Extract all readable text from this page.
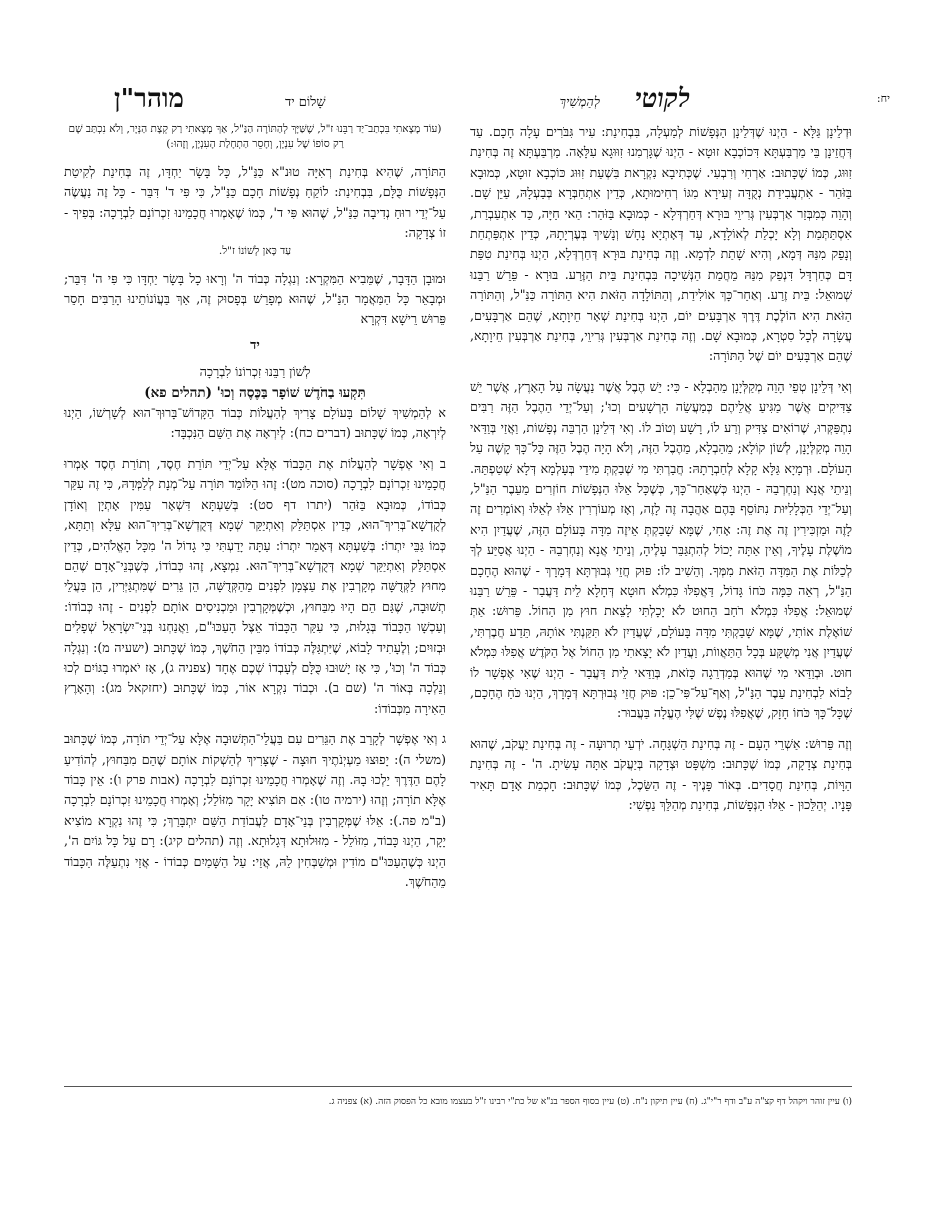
יח:
לקוטי
לְהַמְשִׁיךְ
שָׁלוֹם יד
מוהר"ן

וּדְלֵינָן גַּלָּא - הַיְנוּ שֶׁדְּלֵינָן הַנְּפָשׁוֹת לְמַעְלָה, בִּבְחִינַת: עִיר גִּבֹּרִים עָלָה חָכָם. עַד דְּחֲזֵינָן בֵּי מַרְבַּעְתָּא דִּכוֹכְבָא זוּטָא - הַיְנוּ שֶׁגָּרְמִנוּ זִוּוּגָא עִלָּאָה. מַרְבַּעְתָּא זֶה בְּחִינַת זִוּוּג, כְּמוֹ שֶׁכָּתוּב: אַרְחִי וְרִבְעִי. שֶׁכְּתִיבָא נִקְרָאת בִּשְׁעַת זִוּוּג כּוֹכְבָא זוּטָא, כְּמוּבָא בַּזֹּהַר - אִתְעֲבִידַת נְקֻדָּה זְעִירָא מִגּוֹ רְחִימוּתָא, כְּדֵין אִתְחַבְּרָא בְּבַעְלָהּ, עַיֵּן שָׁם. וְהָוֵה כְּמִבְּזַר אַרְבְּעִין גְּרִיוֵי בּוּרָא דְּחַרְדְּלָא - כְּמוּבָא בַּזֹּהַר: הַאי חַיָּה, כַּד אִתְעַבְרַת, אִסְתַּתְּמַת וְלָא יָכְלַת לְאוֹלָדָא, עַד דְּאָתְיָא נָחָשׁ וְנָשִׁיךְ בְּעֶרְיָתָהּ, כְּדֵין אִתְפַּתְחַת וְנָפֵק מִנַּהּ דְּמָא, וְהִיא שָׁתַת לִדְמָא. וְזֶה בְּחִינַת בּוּרָא דְּחַרְדְּלָא, הַיְנוּ בְּחִינַת טִפַּת דָּם כְּחַרְדָּל דִּנְפַק מִנַּהּ מֵחֲמַת הַנְּשִׁיכָה בִּבְחִינַת בֵּית הַזֶּרַע. בּוּרָא - פֵּרֵשׁ רַבֵּנוּ שְׁמוּאֵל: בֵּית זֶרַע. וְאַחַר־כָּךְ אוֹלִידַת, וְהַתּוֹלָדָה הַזֹּאת הִיא הַתּוֹרָה כַּנַּ"ל, וְהַתּוֹרָה הַזֹּאת הִיא הוֹלֶכֶת דֶּרֶךְ אַרְבָּעִים יוֹם, הַיְנוּ בְּחִינַת שְׁאָר חֵיוָתָא, שֶׁהֵם אַרְבָּעִים, עֲשָׂרָה לְכָל סִטְרָא, כְּמוּבָא שָׁם. וְזֶה בְּחִינַת אַרְבְּעִין גְּרִיוֵי, בְּחִינַת אַרְבְּעִין חֵיוָתָא, שֶׁהֵם אַרְבָּעִים יוֹם שֶׁל הַתּוֹרָה:

וְאִי דְּלֵינָן טְפֵי הָוֵה מְקַלְּיָנָן מֵהַבְלָא - כִּי: יֵשׁ הֶבֶל אֲשֶׁר נַעֲשָׂה עַל הָאָרֶץ, אֲשֶׁר יֵשׁ צַדִּיקִים אֲשֶׁר מַגִּיעַ אֲלֵיהֶם כְּמַעֲשֵׂה הָרְשָׁעִים וְכוּ'; וְעַל־יְדֵי הַהֶבֶל הַזֶּה רַבִּים נִתְפַּקְּרוּ, שֶׁרוֹאִים צַדִּיק וְרַע לוֹ, רָשָׁע וְטוֹב לוֹ. וְאִי דְּלֵינָן הַרְבֵּה נְפָשׁוֹת, וַאֲזַי בְּוַדַּאי הָוֵה מְקַלְּיָנָן, לְשׁוֹן קוֹלָא; מֵהַבְלָא, מֵהֶבֶל הַזֶּה, וְלֹא הָיָה הֶבֶל הַזֶּה כָּל־כָּךְ קָשֶׁה עַל הָעוֹלָם. וּרְמָיָא גַּלָּא קָלָא לְחַבְרָתָהּ: חֲבַרְתִּי מִי שְׁבַקְתְּ מִידֵי בְּעָלְמָא דְּלָא שְׁטַפְתֵּהּ. וְנֵיתֵי אֲנָא וְנַחְרְבֵהּ - הַיְנוּ כְּשֶׁאַחַר־כָּךְ, כְּשֶׁכָּל אֵלּוּ הַנְּפָשׁוֹת חוֹזְרִים מֵעֵבֶר הַנַּ"ל, וְעַל־יְדֵי הַכְּלָלִיּוּת נִתּוֹסֵף בָּהֶם אַהֲבָה זֶה לָזֶה, וְאָז מְעוֹרְרִין אֵלּוּ לְאֵלּוּ וְאוֹמְרִים זֶה לָזֶה וּמַזְכִּירִין זֶה אֶת זֶה: אָחִי, שֶׁמָּא שָׁבַקְתְּ אֵיזֶה מִדָּה בָּעוֹלָם הַזֶּה, שֶׁעֲדַיִן הִיא מוֹשֶׁלֶת עָלֶיךָ, וְאֵין אַתָּה יָכוֹל לְהִתְגַּבֵּר עָלֶיהָ, וְנֵיתֵי אֲנָא וְנַחְרְבֵהּ - הַיְנוּ אֲסַיַּע לְךָ לְכַלּוֹת אֶת הַמִּדָּה הַזֹּאת מִמְּךָ. וְהֵשִׁיב לוֹ: פּוּק חֲזֵי גְּבוּרְתָּא דְּמָרָךְ - שֶׁהוּא הֶחָכָם הַנַּ"ל, רְאֵה כַּמָּה כֹּחוֹ גָּדוֹל, דַּאֲפִלּוּ כִּמְלֹא חוּטָא דְּחָלָא לֵית דַּעֲבַר - פֵּרֵשׁ רַבֵּנוּ שְׁמוּאֵל: אֲפִלּוּ כִּמְלֹא רֹחַב הַחוּט לֹא יָכָלְתִּי לָצֵאת חוּץ מִן הַחוֹל. פֵּרוּשׁ: אַתְּ שׁוֹאֶלֶת אוֹתִי, שֶׁמָּא שָׁבַקְתִּי מִדָּה בָּעוֹלָם, שֶׁעֲדַיִן לֹא תִּקַּנְתִּי אוֹתָהּ, תֵּדַע חֲבֶרְתִּי, שֶׁעֲדַיִן אֲנִי מְשֻׁקָּע בְּכָל הַתַּאֲווֹת, וַעֲדַיִן לֹא יָצָאתִי מִן הַחוֹל אֶל הַקֹּדֶשׁ אֲפִלּוּ כִּמְלֹא חוּט. וּבְוַדַּאי מִי שֶׁהוּא בְּמַדְרֵגָה כָּזֹאת, בְּוַדַּאי לֵית דַּעֲבַר - הַיְנוּ שֶׁאִי אֶפְשָׁר לוֹ לָבוֹא לִבְחִינַת עֵבֶר הַנַּ"ל, וְאַף־עַל־פִּי־כֵן: פּוּק חֲזֵי גְּבוּרְתָּא דְּמָרָךְ, הַיְנוּ כֹּחַ הֶחָכָם, שֶׁכָּל־כָּךְ כֹּחוֹ חָזָק, שֶׁאֲפִלּוּ נֶפֶשׁ שֶׁלִּי הֶעֱלָה בַּעֲבוּר:

וְזֶה פֵּרוּשׁ: אַשְׁרֵי הָעָם - זֶה בְּחִינַת הַשְׁגָּחָה. יֹדְעֵי תְרוּעָה - זֶה בְּחִינַת יַעֲקֹב, שֶׁהוּא בְּחִינַת צְדָקָה, כְּמוֹ שֶׁכָּתוּב: מִשְׁפָּט וּצְדָקָה בְּיַעֲקֹב אַתָּה עָשִׂיתָ. ה' - זֶה בְּחִינַת הַוָּיוֹת, בְּחִינַת חֲסָדִים. בְּאוֹר פָּנֶיךָ - זֶה הַשֵּׂכֶל, כְּמוֹ שֶׁכָּתוּב: חָכְמַת אָדָם תָּאִיר פָּנָיו. יְהַלֵּכוּן - אֵלּוּ הַנְּפָשׁוֹת, בְּחִינַת מְהַלֵּךְ נַפְשִׁי:

(עוֹד מָצָאתִי בִּכְתַב־יַד רַבֵּנוּ ז"ל, שֶׁשַּׁיָּךְ לְהַתּוֹרָה הַנַּ"ל, אַךְ מְצָאתִי רַק קְצָת הַנְּיָר, וְלֹא נִכְתַּב שָׁם רַק סוֹפוֹ שֶׁל עִנְיָן, וְחָסֵר הַתְחָלַת הָעִנְיָן, וְזֶהוּ:)

הַתּוֹרָה, שֶׁהִיא בְּחִינַת רְאִיָּה טוּנ"א כַּנַּ"ל, כָּל בָּשָׂר יַחְדָּו, זֶה בְּחִינַת לְקִיטַת הַנְּפָשׁוֹת כֻּלָּם, בִּבְחִינַת: לוֹקֵחַ נְפָשׁוֹת חָכָם כַּנַּ"ל, כִּי פִּי ד' דִּבֵּר - כָּל זֶה נַעֲשֶׂה עַל־יְדֵי רוּחַ נְדִיבָה כַּנַּ"ל, שֶׁהוּא פִּי ד', כְּמוֹ שֶׁאָמְרוּ חֲכָמֵינוּ זִכְרוֹנָם לִבְרָכָה: בְּפִיךָ - זוֹ צְדָקָה:

עַד כָּאן לְשׁוֹנוֹ ז"ל.

וּמוּבָן הַדָּבָר, שֶׁמֵּבִיא הַמִּקְרָא: וְנִגְלָה כְּבוֹד ה' וְרָאוּ כָל בָּשָׂר יַחְדָּו כִּי פִּי ה' דִּבֵּר; וּמְבָאֵר כָּל הַמַּאֲמָר הַנַּ"ל, שֶׁהוּא מְפָרֵשׁ בְּפָסוּק זֶה, אַךְ בַּעֲוֹנוֹתֵינוּ הָרַבִּים חָסֵר פֵּרוּשׁ רֵישָׁא דִּקְרָא

יד

לְשׁוֹן רַבֵּנוּ זִכְרוֹנוֹ לִבְרָכָה

תִּקְעוּ בַחֹדֶשׁ שׁוֹפָר בַּכֶּסֶה וְכוּ' (תהלים פא)

א לְהַמְשִׁיךְ שָׁלוֹם בָּעוֹלָם צָרִיךְ לְהַעֲלוֹת כְּבוֹד הַקָּדוֹשׁ־בָּרוּךְ־הוּא לְשָׁרְשׁוֹ, הַיְנוּ לְיִרְאָה, כְּמוֹ שֶׁכָּתוּב (דברים כח): לְיִרְאָה אֶת הַשֵּׁם הַנִּכְבָּד:

ב וְאִי אֶפְשָׁר לְהַעֲלוֹת אֶת הַכָּבוֹד אֶלָּא עַל־יְדֵי תּוֹרַת חֶסֶד, וְתוֹרַת חֶסֶד אָמְרוּ חֲכָמֵינוּ זִכְרוֹנָם לִבְרָכָה (סוכה מט): זֶהוּ הַלּוֹמֵד תּוֹרָה עַל־מְנָת לְלַמְּדָהּ, כִּי זֶה עִקַּר כְּבוֹדוֹ, כְּמוּבָא בַּזֹּהַר (יתרו דף סט): בְּשַׁעְתָּא דִּשְׁאָר עַמִּין אָתְיָן וְאוֹדָן לְקֻדְשָׁא־בְּרִיךְ־הוּא, כְּדֵין אִסְתַּלַּק וְאִתְיַקַּר שְׁמָא דְּקֻדְשָׁא־בְּרִיךְ־הוּא עֵלָּא וְתַתָּא, כְּמוֹ גַּבֵּי יִתְרוֹ: בְּשַׁעְתָּא דְּאָמַר יִתְרוֹ: עַתָּה יָדַעְתִּי כִּי גָדוֹל ה' מִכָּל הָאֱלֹהִים, כְּדֵין אִסְתַּלַּק וְאִתְיַקַּר שְׁמָא דְּקֻדְשָׁא־בְּרִיךְ־הוּא. נִמְצָא, זֶהוּ כְּבוֹדוֹ, כְּשֶׁבְּנֵי־אָדָם שֶׁהֵם מִחוּץ לַקְּדֻשָּׁה מְקָרְבִין אֶת עַצְמָן לִפְנִים מֵהַקְּדֻשָּׁה, הֵן גֵּרִים שֶׁמִּתְגַּיְּרִין, הֵן בַּעֲלֵי תְשׁוּבָה, שֶׁגַּם הֵם הָיוּ מִבַּחוּץ, וּכְשֶׁמְּקָרְבִין וּמַכְנִיסִים אוֹתָם לִפְנִים - זֶהוּ כְּבוֹדוֹ: וְעַכְשָׁו הַכָּבוֹד בְּגָלוּת, כִּי עִקַּר הַכָּבוֹד אֵצֶל הָעַכּוּ"ם, וַאֲנַחְנוּ בְּנֵי־יִשְׂרָאֵל שְׁפָלִים וּבְזוּיִם; וְלֶעָתִיד לָבוֹא, שֶׁיִּתְגַּלֶּה כְּבוֹדוֹ מִבֵּין הַחֹשֶׁךְ, כְּמוֹ שֶׁכָּתוּב (ישעיה מ): וְנִגְלָה כְּבוֹד ה' וְכוּ', כִּי אָז יָשׁוּבוּ כֻּלָּם לְעָבְדוֹ שְׁכֶם אֶחָד (צפניה ג), אָז יֹאמְרוּ בַגּוֹיִם לְכוּ וְנֵלְכָה בְּאוֹר ה' (שם ב). וּכְבוֹד נִקְרָא אוֹר, כְּמוֹ שֶׁכָּתוּב (יחזקאל מג): וְהָאָרֶץ הֵאִירָה מִכְּבוֹדוֹ:

ג וְאִי אֶפְשָׁר לְקָרֵב אֶת הַגֵּרִים עִם בַּעֲלֵי־הַתְּשׁוּבָה אֶלָּא עַל־יְדֵי תוֹרָה, כְּמוֹ שֶׁכָּתוּב (משלי ה): יָפוּצוּ מַעְיְנֹתֶיךָ חוּצָה - שֶׁצָּרִיךְ לְהַשְׁקוֹת אוֹתָם שֶׁהֵם מִבַּחוּץ, לְהוֹדִיעַ לָהֶם הַדֶּרֶךְ יֵלְכוּ בָהּ. וְזֶה שֶׁאָמְרוּ חֲכָמֵינוּ זִכְרוֹנָם לִבְרָכָה (אבות פרק ו): אֵין כָּבוֹד אֶלָּא תוֹרָה; וְזֶהוּ (ירמיה טו): אִם תּוֹצִיא יָקָר מִזּוֹלֵל; וְאָמְרוּ חֲכָמֵינוּ זִכְרוֹנָם לִבְרָכָה (ב"מ פה.): אֵלּוּ שֶׁמְּקָרְבִין בְּנֵי־אָדָם לַעֲבוֹדַת הַשֵּׁם יִתְבָּרַךְ; כִּי זֶהוּ נִקְרָא מוֹצִיא יָקָר, הַיְנוּ כָּבוֹד, מִזּוֹלֵל - מִזּוּלוּתָא דְּגָלוּתָא. וְזֶה (תהלים קיג): רָם עַל כָּל גּוֹיִם ה', הַיְנוּ כְּשֶׁהָעַכּוּ"ם מוֹדִין וּמְשַׁבְּחִין לֵהּ, אֲזַי: עַל הַשָּׁמַיִם כְּבוֹדוֹ - אֲזַי נִתְעַלֶּה הַכָּבוֹד מֵהַחֹשֶׁךְ.

(ו) עיין זוהר ויקהל דף קצ"ה ע"ב ודף ר"י"ג. (ח) עיין תיקון נ"ח. (ט) עיין בסוף הספר בנ"א של כת"י רבינו ז"ל בעצמו מובא כל הפסוק הזה. (א) צפניה ג.
